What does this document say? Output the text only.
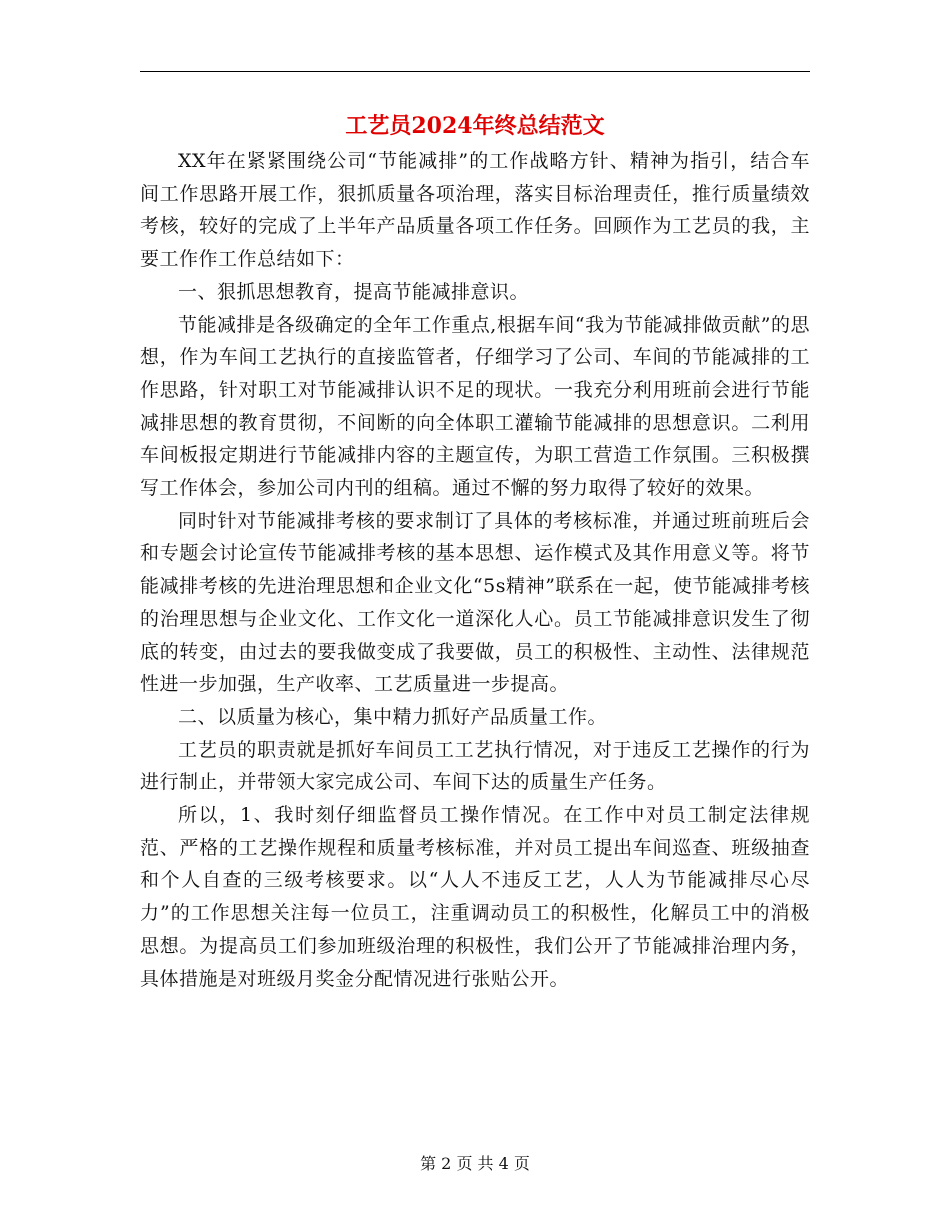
工艺员2024年终总结范文

XX年在紧紧围绕公司“节能减排”的工作战略方针、精神为指引，结合车间工作思路开展工作，狠抓质量各项治理，落实目标治理责任，推行质量绩效考核，较好的完成了上半年产品质量各项工作任务。回顾作为工艺员的我，主要工作作工作总结如下：

一、狠抓思想教育，提高节能减排意识。

节能减排是各级确定的全年工作重点,根据车间“我为节能减排做贡献”的思想，作为车间工艺执行的直接监管者，仔细学习了公司、车间的节能减排的工作思路，针对职工对节能减排认识不足的现状。一我充分利用班前会进行节能减排思想的教育贯彻，不间断的向全体职工灌输节能减排的思想意识。二利用车间板报定期进行节能减排内容的主题宣传，为职工营造工作氛围。三积极撰写工作体会，参加公司内刊的组稿。通过不懈的努力取得了较好的效果。

同时针对节能减排考核的要求制订了具体的考核标准，并通过班前班后会和专题会讨论宣传节能减排考核的基本思想、运作模式及其作用意义等。将节能减排考核的先进治理思想和企业文化“5s精神”联系在一起，使节能减排考核的治理思想与企业文化、工作文化一道深化人心。员工节能减排意识发生了彻底的转变，由过去的要我做变成了我要做，员工的积极性、主动性、法律规范性进一步加强，生产收率、工艺质量进一步提高。

二、以质量为核心，集中精力抓好产品质量工作。

工艺员的职责就是抓好车间员工工艺执行情况，对于违反工艺操作的行为进行制止，并带领大家完成公司、车间下达的质量生产任务。

所以，1、我时刻仔细监督员工操作情况。在工作中对员工制定法律规范、严格的工艺操作规程和质量考核标准，并对员工提出车间巡查、班级抽查和个人自查的三级考核要求。以“人人不违反工艺，人人为节能减排尽心尽力”的工作思想关注每一位员工，注重调动员工的积极性，化解员工中的消极思想。为提高员工们参加班级治理的积极性，我们公开了节能减排治理内务，具体措施是对班级月奖金分配情况进行张贴公开。

第 2 页 共 4 页
